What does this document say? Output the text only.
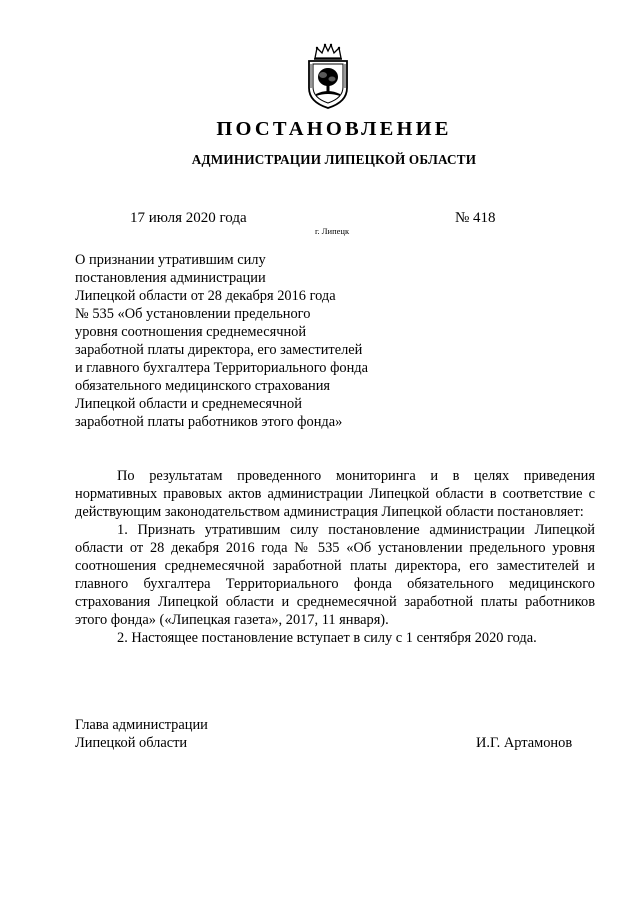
ПОСТАНОВЛЕНИЕ
АДМИНИСТРАЦИИ ЛИПЕЦКОЙ ОБЛАСТИ
17 июля 2020 года
г. Липецк
№ 418
О признании утратившим силу
постановления администрации
Липецкой области от 28 декабря 2016 года
№ 535 «Об установлении предельного
уровня соотношения среднемесячной
заработной платы директора, его заместителей
и главного бухгалтера Территориального фонда
обязательного медицинского страхования
Липецкой области и среднемесячной
заработной платы работников этого фонда»

По результатам проведенного мониторинга и в целях приведения нормативных правовых актов администрации Липецкой области в соответствие с действующим законодательством администрация Липецкой области постановляет:

1. Признать утратившим силу постановление администрации Липецкой области от 28 декабря 2016 года № 535 «Об установлении предельного уровня соотношения среднемесячной заработной платы директора, его заместителей и главного бухгалтера Территориального фонда обязательного медицинского страхования Липецкой области и среднемесячной заработной платы работников этого фонда» («Липецкая газета», 2017, 11 января).

2. Настоящее постановление вступает в силу с 1 сентября 2020 года.

Глава администрации
Липецкой области	И.Г. Артамонов
